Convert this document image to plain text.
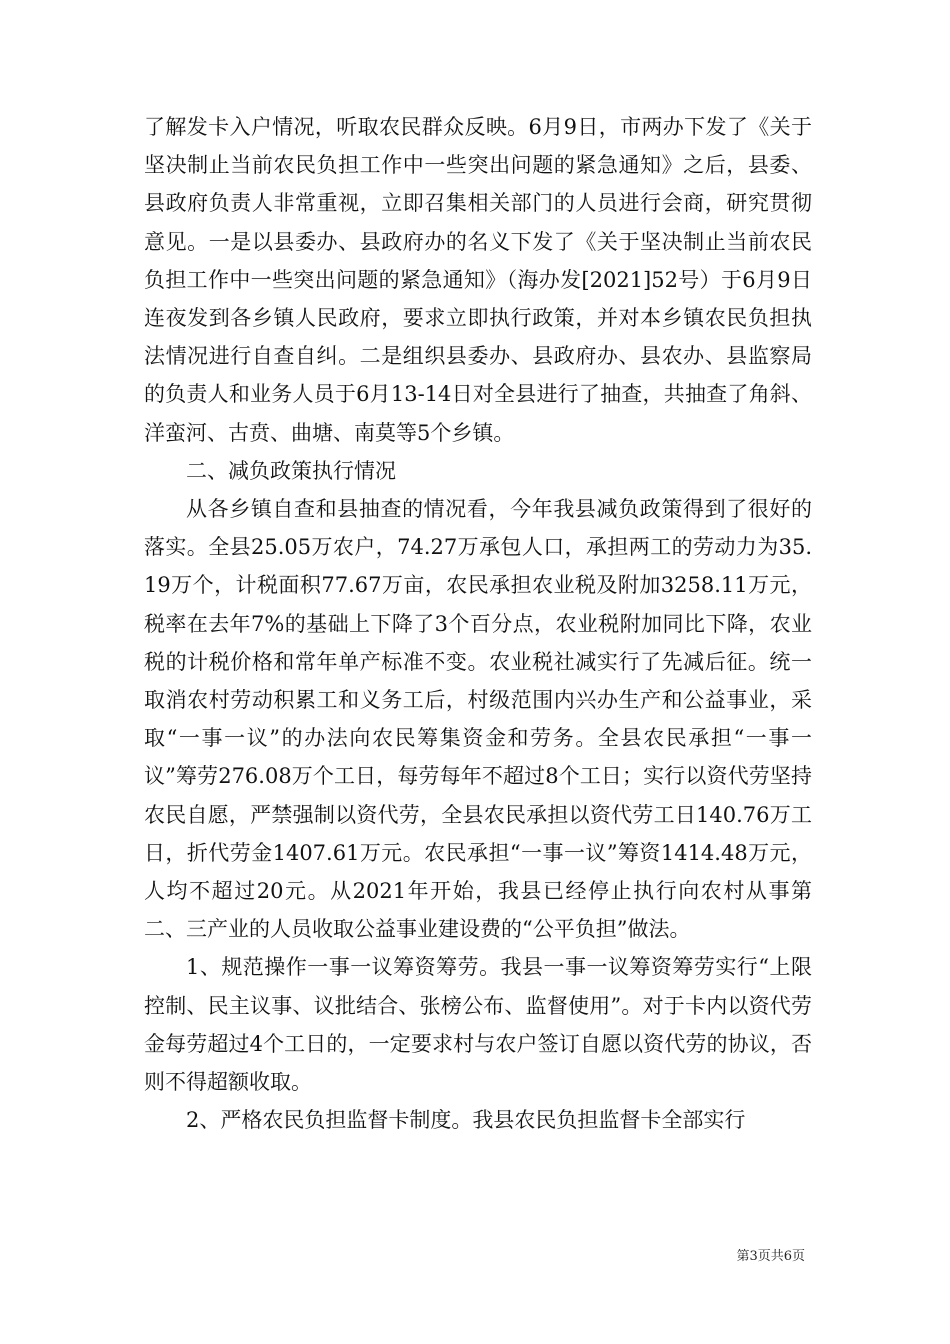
了解发卡入户情况，听取农民群众反映。6月9日，市两办下发了《关于坚决制止当前农民负担工作中一些突出问题的紧急通知》之后，县委、县政府负责人非常重视，立即召集相关部门的人员进行会商，研究贯彻意见。一是以县委办、县政府办的名义下发了《关于坚决制止当前农民负担工作中一些突出问题的紧急通知》（海办发[2021]52号）于6月9日连夜发到各乡镇人民政府，要求立即执行政策，并对本乡镇农民负担执法情况进行自查自纠。二是组织县委办、县政府办、县农办、县监察局的负责人和业务人员于6月13-14日对全县进行了抽查，共抽查了角斜、洋蛮河、古贲、曲塘、南莫等5个乡镇。

二、减负政策执行情况

从各乡镇自查和县抽查的情况看，今年我县减负政策得到了很好的落实。全县25.05万农户，74.27万承包人口，承担两工的劳动力为35.19万个，计税面积77.67万亩，农民承担农业税及附加3258.11万元，税率在去年7%的基础上下降了3个百分点，农业税附加同比下降，农业税的计税价格和常年单产标准不变。农业税社减实行了先减后征。统一取消农村劳动积累工和义务工后，村级范围内兴办生产和公益事业，采取“一事一议”的办法向农民筹集资金和劳务。全县农民承担“一事一议”筹劳276.08万个工日，每劳每年不超过8个工日；实行以资代劳坚持农民自愿，严禁强制以资代劳，全县农民承担以资代劳工日140.76万工日，折代劳金1407.61万元。农民承担“一事一议”筹资1414.48万元，人均不超过20元。从2021年开始，我县已经停止执行向农村从事第二、三产业的人员收取公益事业建设费的“公平负担”做法。

1、规范操作一事一议筹资筹劳。我县一事一议筹资筹劳实行“上限控制、民主议事、议批结合、张榜公布、监督使用”。对于卡内以资代劳金每劳超过4个工日的，一定要求村与农户签订自愿以资代劳的协议，否则不得超额收取。

2、严格农民负担监督卡制度。我县农民负担监督卡全部实行

第3页共6页
